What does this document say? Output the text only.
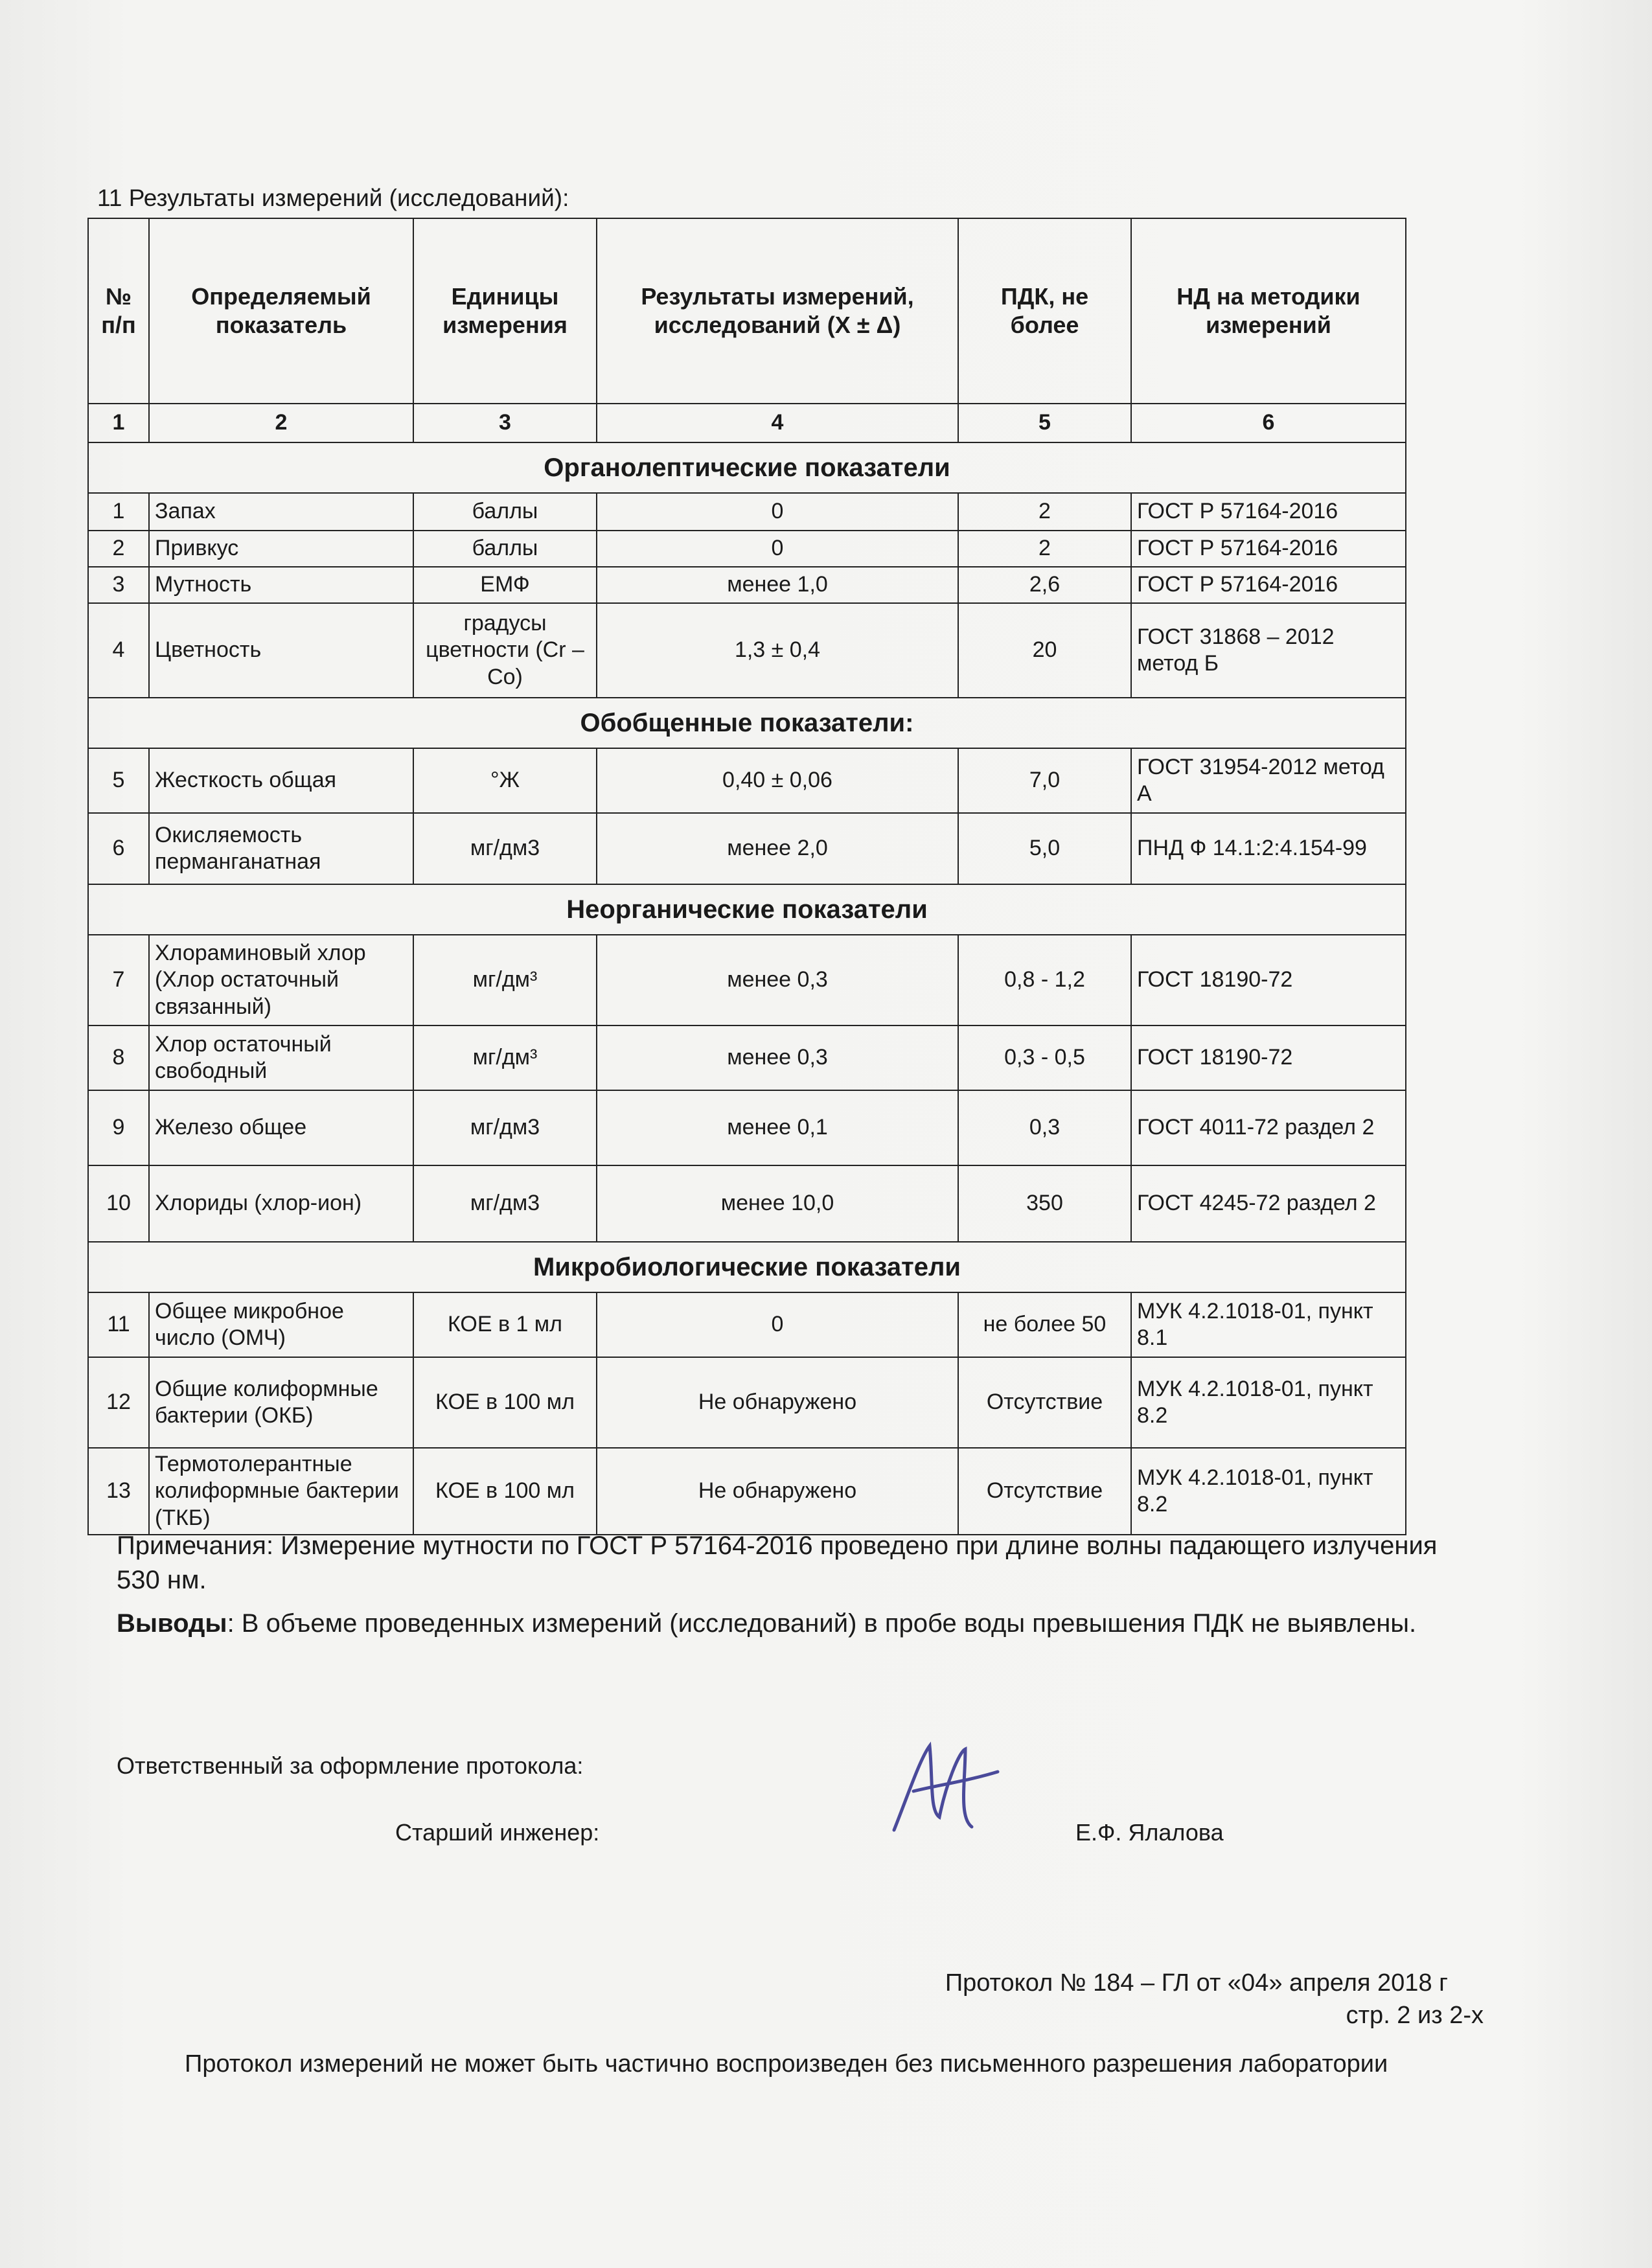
11 Результаты измерений (исследований):
№ п/п	Определяемый показатель	Единицы измерения	Результаты измерений, исследований (Х ± Δ)	ПДК, не более	НД на методики измерений
1	2	3	4	5	6
Органолептические показатели					
1	Запах	баллы	0	2	ГОСТ Р 57164-2016
2	Привкус	баллы	0	2	ГОСТ Р 57164-2016
3	Мутность	ЕМФ	менее 1,0	2,6	ГОСТ Р 57164-2016
4	Цветность	градусы цветности (Cr – Co)	1,3 ± 0,4	20	ГОСТ 31868 – 2012 метод Б
Обобщенные показатели:					
5	Жесткость общая	°Ж	0,40 ± 0,06	7,0	ГОСТ 31954-2012 метод А
6	Окисляемость перманганатная	мг/дм3	менее 2,0	5,0	ПНД Ф 14.1:2:4.154-99
Неорганические показатели					
7	Хлораминовый хлор (Хлор остаточный связанный)	мг/дм³	менее 0,3	0,8 - 1,2	ГОСТ 18190-72
8	Хлор остаточный свободный	мг/дм³	менее 0,3	0,3 - 0,5	ГОСТ 18190-72
9	Железо общее	мг/дм3	менее 0,1	0,3	ГОСТ 4011-72 раздел 2
10	Хлориды (хлор-ион)	мг/дм3	менее 10,0	350	ГОСТ 4245-72 раздел 2
Микробиологические показатели					
11	Общее микробное число (ОМЧ)	КОЕ в 1 мл	0	не более 50	МУК 4.2.1018-01, пункт 8.1
12	Общие колиформные бактерии (ОКБ)	КОЕ в 100 мл	Не обнаружено	Отсутствие	МУК 4.2.1018-01, пункт 8.2
13	Термотолерантные колиформные бактерии (ТКБ)	КОЕ в 100 мл	Не обнаружено	Отсутствие	МУК 4.2.1018-01, пункт 8.2
Примечания: Измерение мутности по ГОСТ Р 57164-2016 проведено при длине волны падающего излучения 530 нм.
Выводы: В объеме проведенных измерений (исследований) в пробе воды превышения ПДК не выявлены.
Ответственный за оформление протокола:
Старший инженер:	Е.Ф. Ялалова
Протокол № 184 – ГЛ от «04» апреля 2018 г
стр. 2 из 2-х
Протокол измерений не может быть частично воспроизведен без письменного разрешения лаборатории
